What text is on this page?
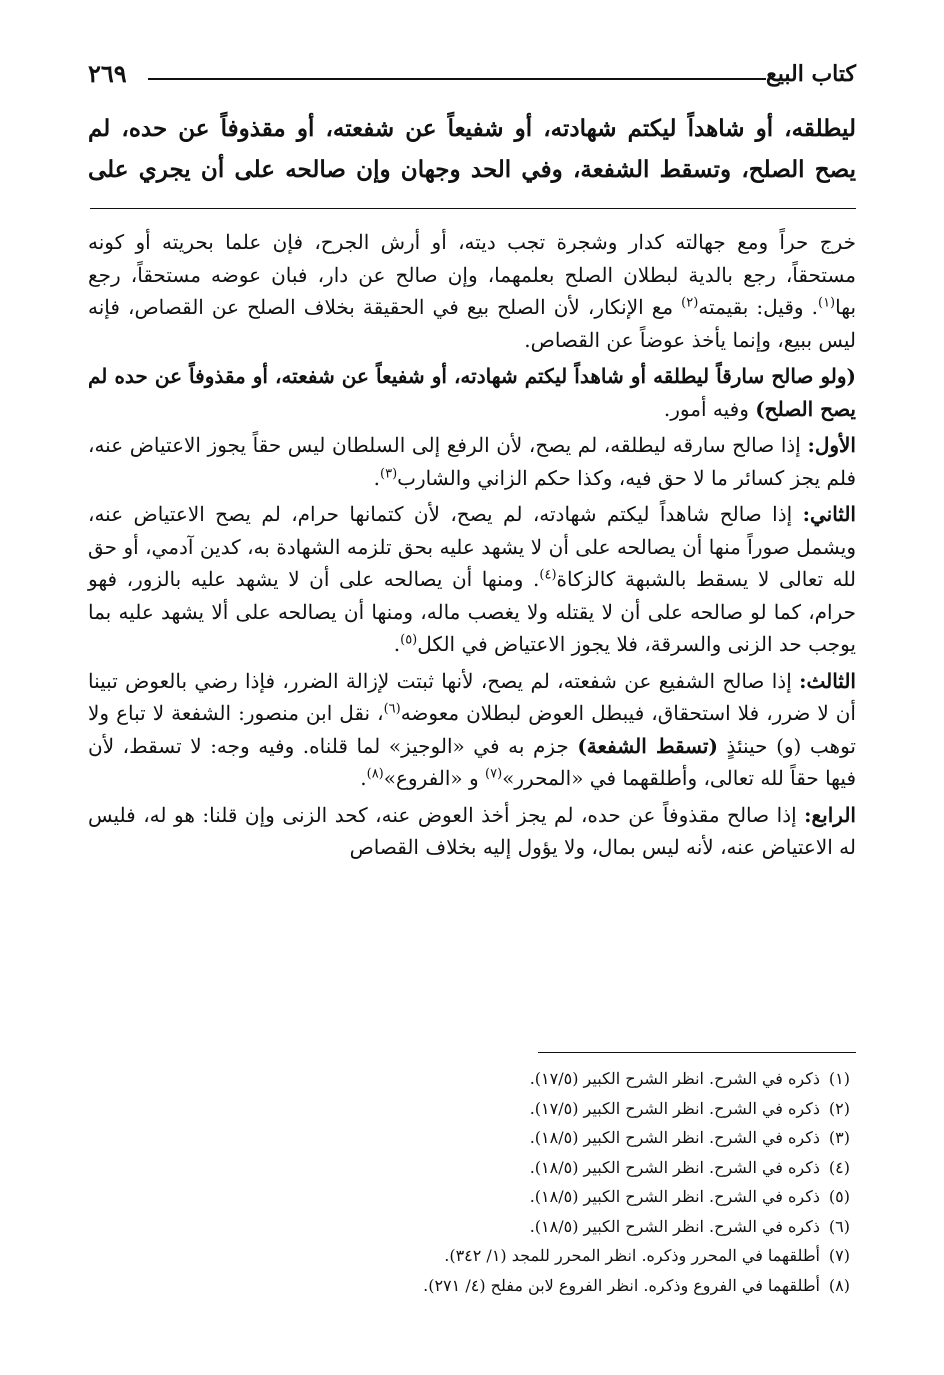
كتاب البيع
٢٦٩
ليطلقه، أو شاهداً ليكتم شهادته، أو شفيعاً عن شفعته، أو مقذوفاً عن حده، لم يصح الصلح، وتسقط الشفعة، وفي الحد وجهان وإن صالحه على أن يجري على

خرج حراً ومع جهالته كدار وشجرة تجب ديته، أو أرش الجرح، فإن علما بحريته أو كونه مستحقاً، رجع بالدية لبطلان الصلح بعلمهما، وإن صالح عن دار، فبان عوضه مستحقاً، رجع بها$^{(١)}$. وقيل: بقيمته$^{(٢)}$ مع الإنكار، لأن الصلح بيع في الحقيقة بخلاف الصلح عن القصاص، فإنه ليس ببيع، وإنما يأخذ عوضاً عن القصاص.

(ولو صالح سارقاً ليطلقه أو شاهداً ليكتم شهادته، أو شفيعاً عن شفعته، أو مقذوفاً عن حده لم يصح الصلح) وفيه أمور.

الأول: إذا صالح سارقه ليطلقه، لم يصح، لأن الرفع إلى السلطان ليس حقاً يجوز الاعتياض عنه، فلم يجز كسائر ما لا حق فيه، وكذا حكم الزاني والشارب$^{(٣)}$.

الثاني: إذا صالح شاهداً ليكتم شهادته، لم يصح، لأن كتمانها حرام، لم يصح الاعتياض عنه، ويشمل صوراً منها أن يصالحه على أن لا يشهد عليه بحق تلزمه الشهادة به، كدين آدمي، أو حق لله تعالى لا يسقط بالشبهة كالزكاة$^{(٤)}$. ومنها أن يصالحه على أن لا يشهد عليه بالزور، فهو حرام، كما لو صالحه على أن لا يقتله ولا يغصب ماله، ومنها أن يصالحه على ألا يشهد عليه بما يوجب حد الزنى والسرقة، فلا يجوز الاعتياض في الكل$^{(٥)}$.

الثالث: إذا صالح الشفيع عن شفعته، لم يصح، لأنها ثبتت لإزالة الضرر، فإذا رضي بالعوض تبينا أن لا ضرر، فلا استحقاق، فيبطل العوض لبطلان معوضه$^{(٦)}$، نقل ابن منصور: الشفعة لا تباع ولا توهب (و) حينئذٍ (تسقط الشفعة) جزم به في «الوجيز» لما قلناه. وفيه وجه: لا تسقط، لأن فيها حقاً لله تعالى، وأطلقهما في «المحرر»$^{(٧)}$ و «الفروع»$^{(٨)}$.

الرابع: إذا صالح مقذوفاً عن حده، لم يجز أخذ العوض عنه، كحد الزنى وإن قلنا: هو له، فليس له الاعتياض عنه، لأنه ليس بمال، ولا يؤول إليه بخلاف القصاص

(١)ذكره في الشرح. انظر الشرح الكبير (١٧/٥).
(٢)ذكره في الشرح. انظر الشرح الكبير (١٧/٥).
(٣)ذكره في الشرح. انظر الشرح الكبير (١٨/٥).
(٤)ذكره في الشرح. انظر الشرح الكبير (١٨/٥).
(٥)ذكره في الشرح. انظر الشرح الكبير (١٨/٥).
(٦)ذكره في الشرح. انظر الشرح الكبير (١٨/٥).
(٧)أطلقهما في المحرر وذكره. انظر المحرر للمجد (١/ ٣٤٢).
(٨)أطلقهما في الفروع وذكره. انظر الفروع لابن مفلح (٤/ ٢٧١).
